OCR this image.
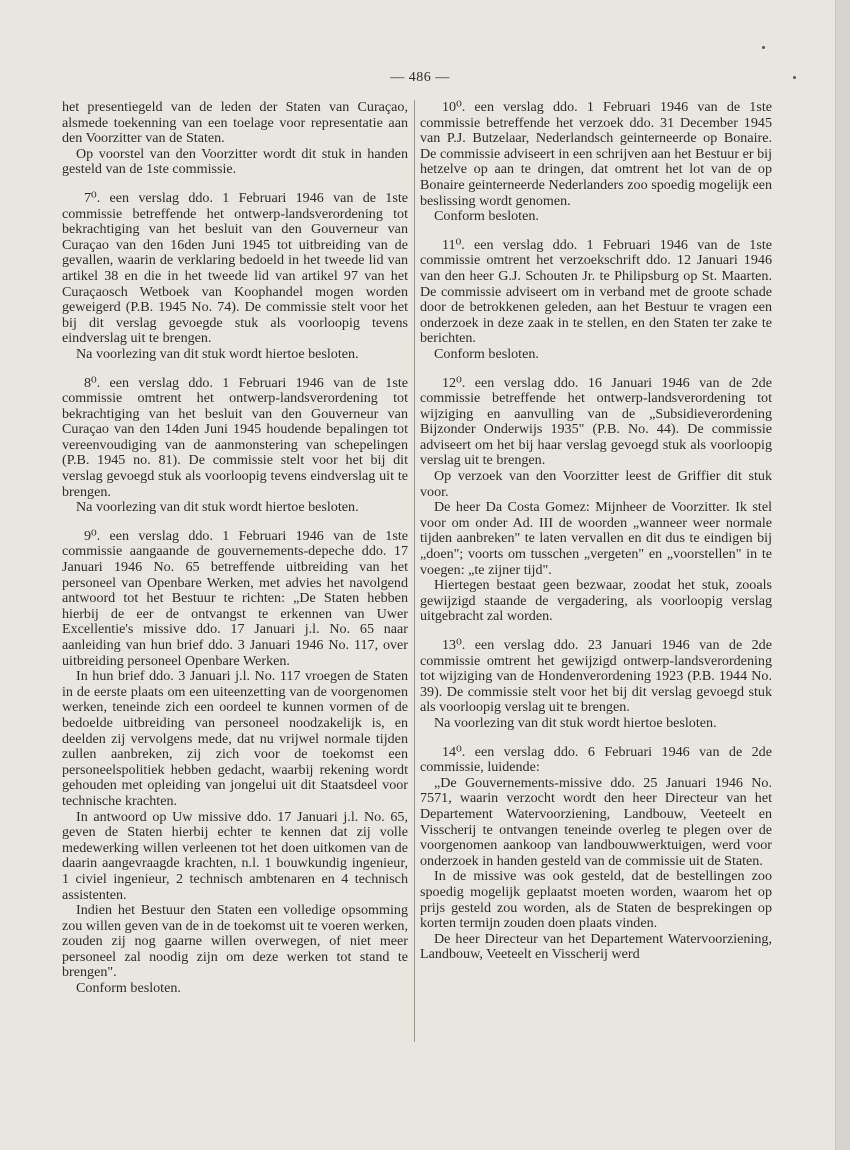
— 486 —

het presentiegeld van de leden der Staten van Curaçao, alsmede toekenning van een toelage voor representatie aan den Voorzitter van de Staten.

Op voorstel van den Voorzitter wordt dit stuk in handen gesteld van de 1ste commissie.

7⁰. een verslag ddo. 1 Februari 1946 van de 1ste commissie betreffende het ontwerp-landsverordening tot bekrachtiging van het besluit van den Gouverneur van Curaçao van den 16den Juni 1945 tot uitbreiding van de gevallen, waarin de verklaring bedoeld in het tweede lid van artikel 38 en die in het tweede lid van artikel 97 van het Curaçaosch Wetboek van Koophandel mogen worden geweigerd (P.B. 1945 No. 74). De commissie stelt voor het bij dit verslag gevoegde stuk als voorloopig tevens eindverslag uit te brengen.

Na voorlezing van dit stuk wordt hiertoe besloten.

8⁰. een verslag ddo. 1 Februari 1946 van de 1ste commissie omtrent het ontwerp-landsverordening tot bekrachtiging van het besluit van den Gouverneur van Curaçao van den 14den Juni 1945 houdende bepalingen tot vereenvoudiging van de aanmonstering van schepelingen (P.B. 1945 no. 81). De commissie stelt voor het bij dit verslag gevoegd stuk als voorloopig tevens eindverslag uit te brengen.

Na voorlezing van dit stuk wordt hiertoe besloten.

9⁰. een verslag ddo. 1 Februari 1946 van de 1ste commissie aangaande de gouvernements-depeche ddo. 17 Januari 1946 No. 65 betreffende uitbreiding van het personeel van Openbare Werken, met advies het navolgend antwoord tot het Bestuur te richten: „De Staten hebben hierbij de eer de ontvangst te erkennen van Uwer Excellentie's missive ddo. 17 Januari j.l. No. 65 naar aanleiding van hun brief ddo. 3 Januari 1946 No. 117, over uitbreiding personeel Openbare Werken.

In hun brief ddo. 3 Januari j.l. No. 117 vroegen de Staten in de eerste plaats om een uiteenzetting van de voorgenomen werken, teneinde zich een oordeel te kunnen vormen of de bedoelde uitbreiding van personeel noodzakelijk is, en deelden zij vervolgens mede, dat nu vrijwel normale tijden zullen aanbreken, zij zich voor de toekomst een personeelspolitiek hebben gedacht, waarbij rekening wordt gehouden met opleiding van jongelui uit dit Staatsdeel voor technische krachten.

In antwoord op Uw missive ddo. 17 Januari j.l. No. 65, geven de Staten hierbij echter te kennen dat zij volle medewerking willen verleenen tot het doen uitkomen van de daarin aangevraagde krachten, n.l. 1 bouwkundig ingenieur, 1 civiel ingenieur, 2 technisch ambtenaren en 4 technisch assistenten.

Indien het Bestuur den Staten een volledige opsomming zou willen geven van de in de toekomst uit te voeren werken, zouden zij nog gaarne willen overwegen, of niet meer personeel zal noodig zijn om deze werken tot stand te brengen".

Conform besloten.

10⁰. een verslag ddo. 1 Februari 1946 van de 1ste commissie betreffende het verzoek ddo. 31 December 1945 van P.J. Butzelaar, Nederlandsch geinterneerde op Bonaire. De commissie adviseert in een schrijven aan het Bestuur er bij hetzelve op aan te dringen, dat omtrent het lot van de op Bonaire geinterneerde Nederlanders zoo spoedig mogelijk een beslissing wordt genomen.

Conform besloten.

11⁰. een verslag ddo. 1 Februari 1946 van de 1ste commissie omtrent het verzoekschrift ddo. 12 Januari 1946 van den heer G.J. Schouten Jr. te Philipsburg op St. Maarten. De commissie adviseert om in verband met de groote schade door de betrokkenen geleden, aan het Bestuur te vragen een onderzoek in deze zaak in te stellen, en den Staten ter zake te berichten.

Conform besloten.

12⁰. een verslag ddo. 16 Januari 1946 van de 2de commissie betreffende het ontwerp-landsverordening tot wijziging en aanvulling van de „Subsidieverordening Bijzonder Onderwijs 1935" (P.B. No. 44). De commissie adviseert om het bij haar verslag gevoegd stuk als voorloopig verslag uit te brengen.

Op verzoek van den Voorzitter leest de Griffier dit stuk voor.

De heer Da Costa Gomez: Mijnheer de Voorzitter. Ik stel voor om onder Ad. III de woorden „wanneer weer normale tijden aanbreken" te laten vervallen en dit dus te eindigen bij „doen"; voorts om tusschen „vergeten" en „voorstellen" in te voegen: „te zijner tijd".

Hiertegen bestaat geen bezwaar, zoodat het stuk, zooals gewijzigd staande de vergadering, als voorloopig verslag uitgebracht zal worden.

13⁰. een verslag ddo. 23 Januari 1946 van de 2de commissie omtrent het gewijzigd ontwerp-landsverordening tot wijziging van de Hondenverordening 1923 (P.B. 1944 No. 39). De commissie stelt voor het bij dit verslag gevoegd stuk als voorloopig verslag uit te brengen.

Na voorlezing van dit stuk wordt hiertoe besloten.

14⁰. een verslag ddo. 6 Februari 1946 van de 2de commissie, luidende:

„De Gouvernements-missive ddo. 25 Januari 1946 No. 7571, waarin verzocht wordt den heer Directeur van het Departement Watervoorziening, Landbouw, Veeteelt en Visscherij te ontvangen teneinde overleg te plegen over de voorgenomen aankoop van landbouwwerktuigen, werd voor onderzoek in handen gesteld van de commissie uit de Staten.

In de missive was ook gesteld, dat de bestellingen zoo spoedig mogelijk geplaatst moeten worden, waarom het op prijs gesteld zou worden, als de Staten de besprekingen op korten termijn zouden doen plaats vinden.

De heer Directeur van het Departement Watervoorziening, Landbouw, Veeteelt en Visscherij werd
